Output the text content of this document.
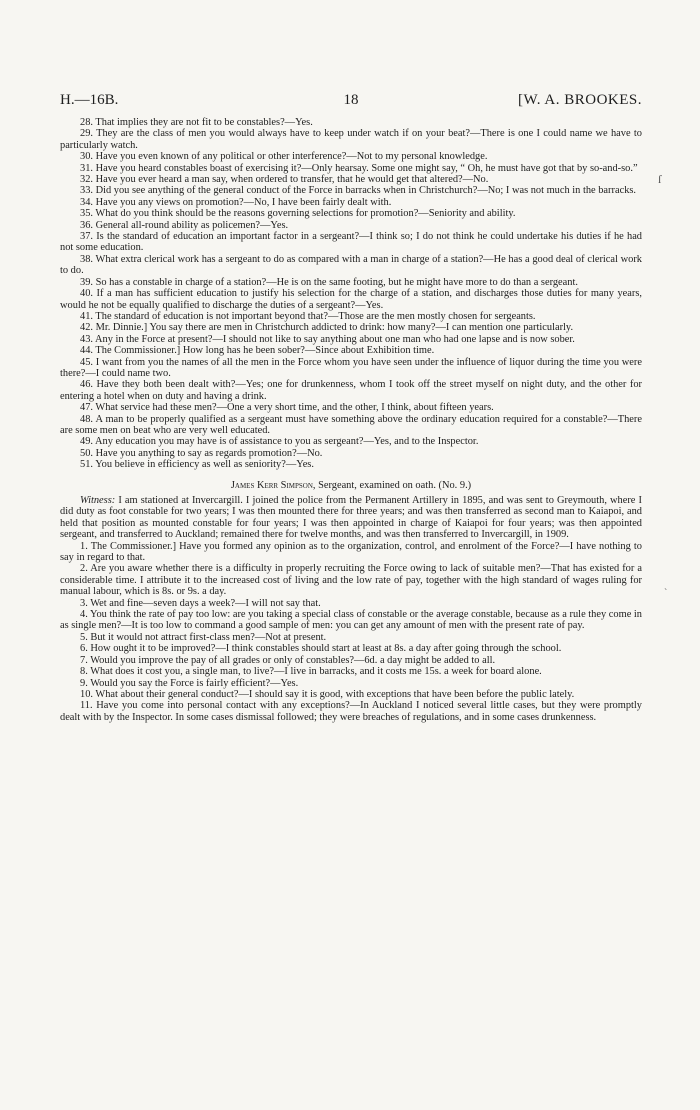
H.—16B.	18	[W. A. BROOKES.
ſ
`

28. That implies they are not fit to be constables?—Yes.

29. They are the class of men you would always have to keep under watch if on your beat?—There is one I could name we have to particularly watch.

30. Have you even known of any political or other interference?—Not to my personal knowledge.

31. Have you heard constables boast of exercising it?—Only hearsay. Some one might say, “ Oh, he must have got that by so-and-so.”

32. Have you ever heard a man say, when ordered to transfer, that he would get that altered?—No.

33. Did you see anything of the general conduct of the Force in barracks when in Christchurch?—No; I was not much in the barracks.

34. Have you any views on promotion?—No, I have been fairly dealt with.

35. What do you think should be the reasons governing selections for promotion?—Seniority and ability.

36. General all-round ability as policemen?—Yes.

37. Is the standard of education an important factor in a sergeant?—I think so; I do not think he could undertake his duties if he had not some education.

38. What extra clerical work has a sergeant to do as compared with a man in charge of a station?—He has a good deal of clerical work to do.

39. So has a constable in charge of a station?—He is on the same footing, but he might have more to do than a sergeant.

40. If a man has sufficient education to justify his selection for the charge of a station, and discharges those duties for many years, would he not be equally qualified to discharge the duties of a sergeant?—Yes.

41. The standard of education is not important beyond that?—Those are the men mostly chosen for sergeants.

42. Mr. Dinnie.] You say there are men in Christchurch addicted to drink: how many?—I can mention one particularly.

43. Any in the Force at present?—I should not like to say anything about one man who had one lapse and is now sober.

44. The Commissioner.] How long has he been sober?—Since about Exhibition time.

45. I want from you the names of all the men in the Force whom you have seen under the influence of liquor during the time you were there?—I could name two.

46. Have they both been dealt with?—Yes; one for drunkenness, whom I took off the street myself on night duty, and the other for entering a hotel when on duty and having a drink.

47. What service had these men?—One a very short time, and the other, I think, about fifteen years.

48. A man to be properly qualified as a sergeant must have something above the ordinary education required for a constable?—There are some men on beat who are very well educated.

49. Any education you may have is of assistance to you as sergeant?—Yes, and to the Inspector.

50. Have you anything to say as regards promotion?—No.

51. You believe in efficiency as well as seniority?—Yes.

James Kerr Simpson, Sergeant, examined on oath. (No. 9.)

Witness: I am stationed at Invercargill. I joined the police from the Permanent Artillery in 1895, and was sent to Greymouth, where I did duty as foot constable for two years; I was then mounted there for three years; and was then transferred as second man to Kaiapoi, and held that position as mounted constable for four years; I was then appointed in charge of Kaiapoi for four years; was then appointed sergeant, and transferred to Auckland; remained there for twelve months, and was then transferred to Invercargill, in 1909.

1. The Commissioner.] Have you formed any opinion as to the organization, control, and enrolment of the Force?—I have nothing to say in regard to that.

2. Are you aware whether there is a difficulty in properly recruiting the Force owing to lack of suitable men?—That has existed for a considerable time. I attribute it to the increased cost of living and the low rate of pay, together with the high standard of wages ruling for manual labour, which is 8s. or 9s. a day.

3. Wet and fine—seven days a week?—I will not say that.

4. You think the rate of pay too low: are you taking a special class of constable or the average constable, because as a rule they come in as single men?—It is too low to command a good sample of men: you can get any amount of men with the present rate of pay.

5. But it would not attract first-class men?—Not at present.

6. How ought it to be improved?—I think constables should start at least at 8s. a day after going through the school.

7. Would you improve the pay of all grades or only of constables?—6d. a day might be added to all.

8. What does it cost you, a single man, to live?—I live in barracks, and it costs me 15s. a week for board alone.

9. Would you say the Force is fairly efficient?—Yes.

10. What about their general conduct?—I should say it is good, with exceptions that have been before the public lately.

11. Have you come into personal contact with any exceptions?—In Auckland I noticed several little cases, but they were promptly dealt with by the Inspector. In some cases dismissal followed; they were breaches of regulations, and in some cases drunkenness.
